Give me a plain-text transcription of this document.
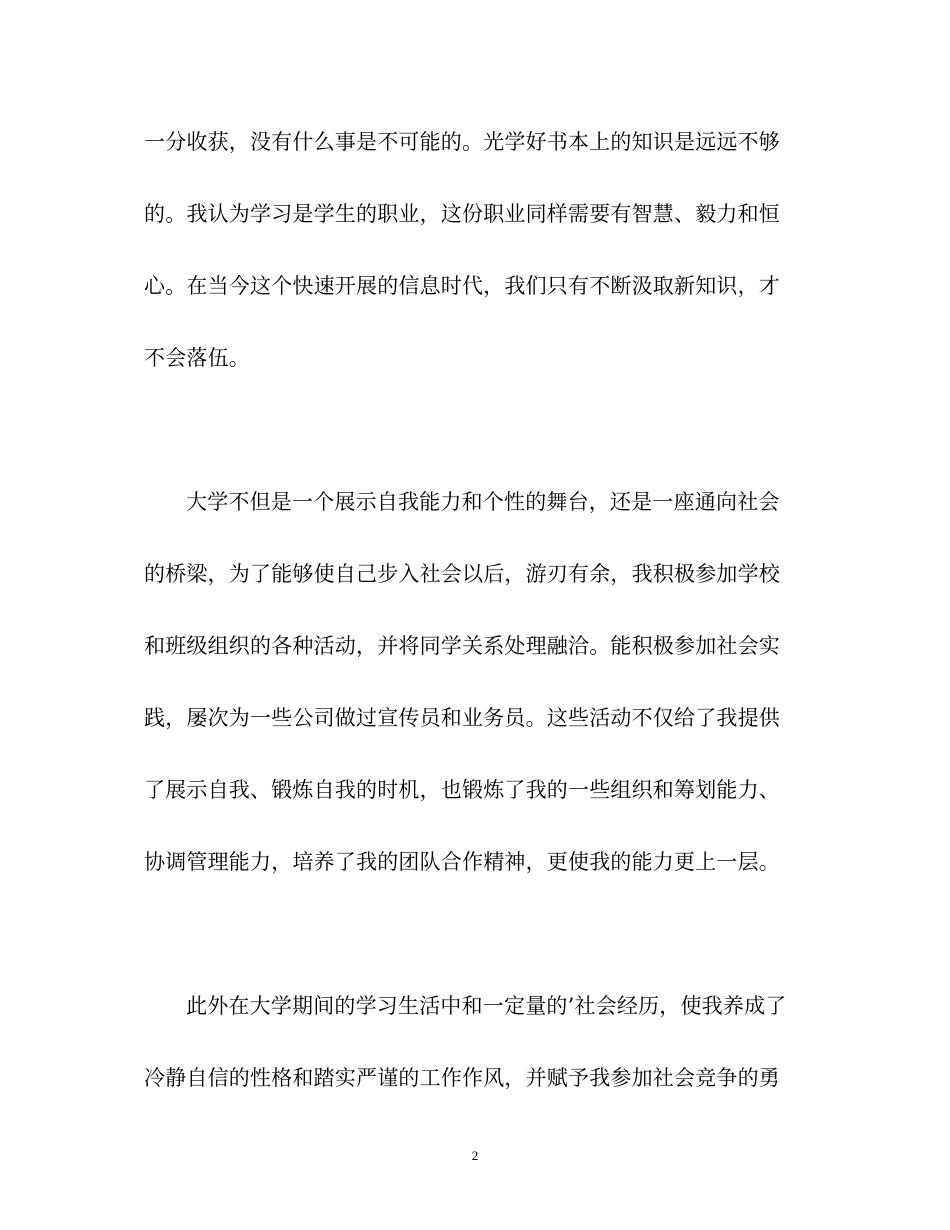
一分收获，没有什么事是不可能的。光学好书本上的知识是远远不够
的。我认为学习是学生的职业，这份职业同样需要有智慧、毅力和恒
心。在当今这个快速开展的信息时代，我们只有不断汲取新知识，才
不会落伍。
大学不但是一个展示自我能力和个性的舞台，还是一座通向社会
的桥梁，为了能够使自己步入社会以后，游刃有余，我积极参加学校
和班级组织的各种活动，并将同学关系处理融洽。能积极参加社会实
践，屡次为一些公司做过宣传员和业务员。这些活动不仅给了我提供
了展示自我、锻炼自我的时机，也锻炼了我的一些组织和筹划能力、
协调管理能力，培养了我的团队合作精神，更使我的能力更上一层。
此外在大学期间的学习生活中和一定量的’社会经历，使我养成了
冷静自信的性格和踏实严谨的工作作风，并赋予我参加社会竞争的勇
2
